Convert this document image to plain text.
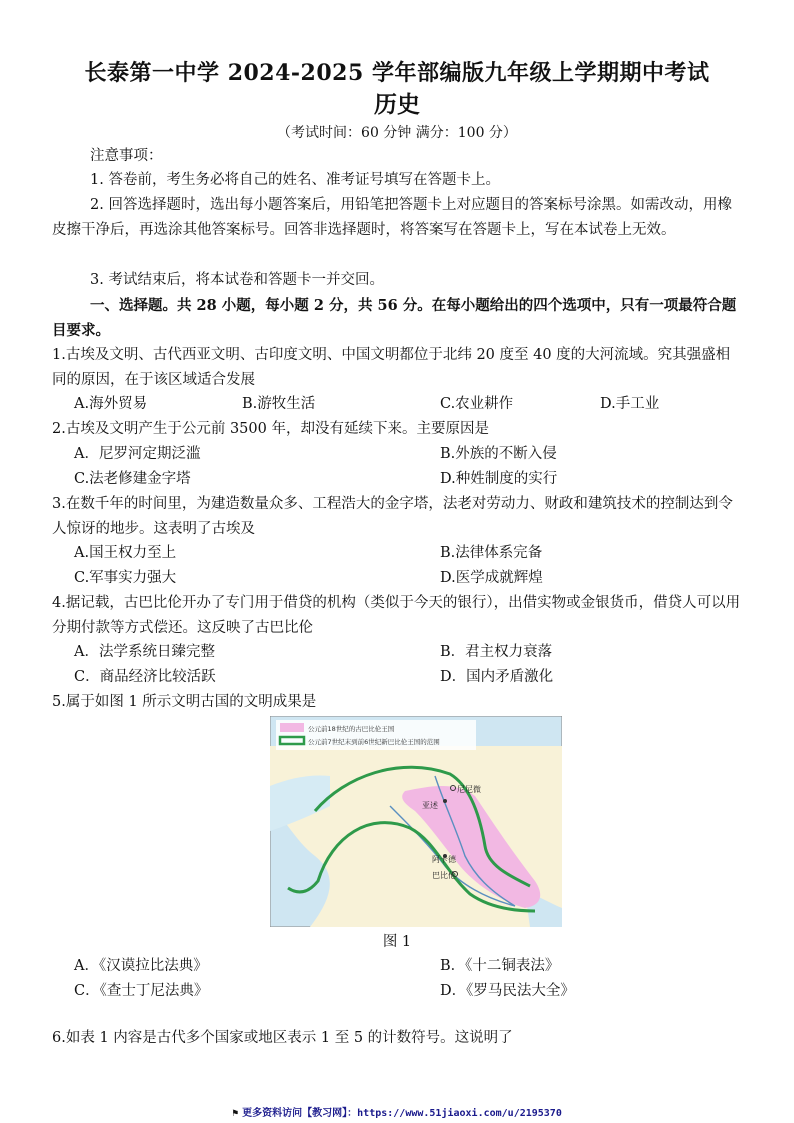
长泰第一中学 2024-2025 学年部编版九年级上学期期中考试
历史
（考试时间：60 分钟 满分：100 分）
注意事项：
1. 答卷前，考生务必将自己的姓名、准考证号填写在答题卡上。
2. 回答选择题时，选出每小题答案后，用铅笔把答题卡上对应题目的答案标号涂黑。如需改动，用橡皮擦干净后，再选涂其他答案标号。回答非选择题时，将答案写在答题卡上，写在本试卷上无效。
3. 考试结束后，将本试卷和答题卡一并交回。
一、选择题。共 28 小题，每小题 2 分，共 56 分。在每小题给出的四个选项中，只有一项最符合题目要求。
1.古埃及文明、古代西亚文明、古印度文明、中国文明都位于北纬 20 度至 40 度的大河流域。究其强盛相同的原因，在于该区域适合发展
A.海外贸易	B.游牧生活	C.农业耕作	D.手工业
2.古埃及文明产生于公元前 3500 年，却没有延续下来。主要原因是
A．尼罗河定期泛滥	B.外族的不断入侵
C.法老修建金字塔	D.种姓制度的实行
3.在数千年的时间里，为建造数量众多、工程浩大的金字塔，法老对劳动力、财政和建筑技术的控制达到令人惊讶的地步。这表明了古埃及
A.国王权力至上	B.法律体系完备
C.军事实力强大	D.医学成就辉煌
4.据记载，古巴比伦开办了专门用于借贷的机构（类似于今天的银行），出借实物或金银货币，借贷人可以用分期付款等方式偿还。这反映了古巴比伦
A．法学系统日臻完整	B．君主权力衰落
C．商品经济比较活跃	D．国内矛盾激化
5.属于如图 1 所示文明古国的文明成果是
公元前18世纪的古巴比伦王国
公元前7世纪末到前6世纪新巴比伦王国的范围
尼尼微
亚述
阿卡德
巴比伦
图 1
A．《汉谟拉比法典》	B．《十二铜表法》
C．《查士丁尼法典》	D．《罗马民法大全》
6.如表 1 内容是古代多个国家或地区表示 1 至 5 的计数符号。这说明了
⚑ 更多资料访问【教习网】：https://www.51jiaoxi.com/u/2195370
